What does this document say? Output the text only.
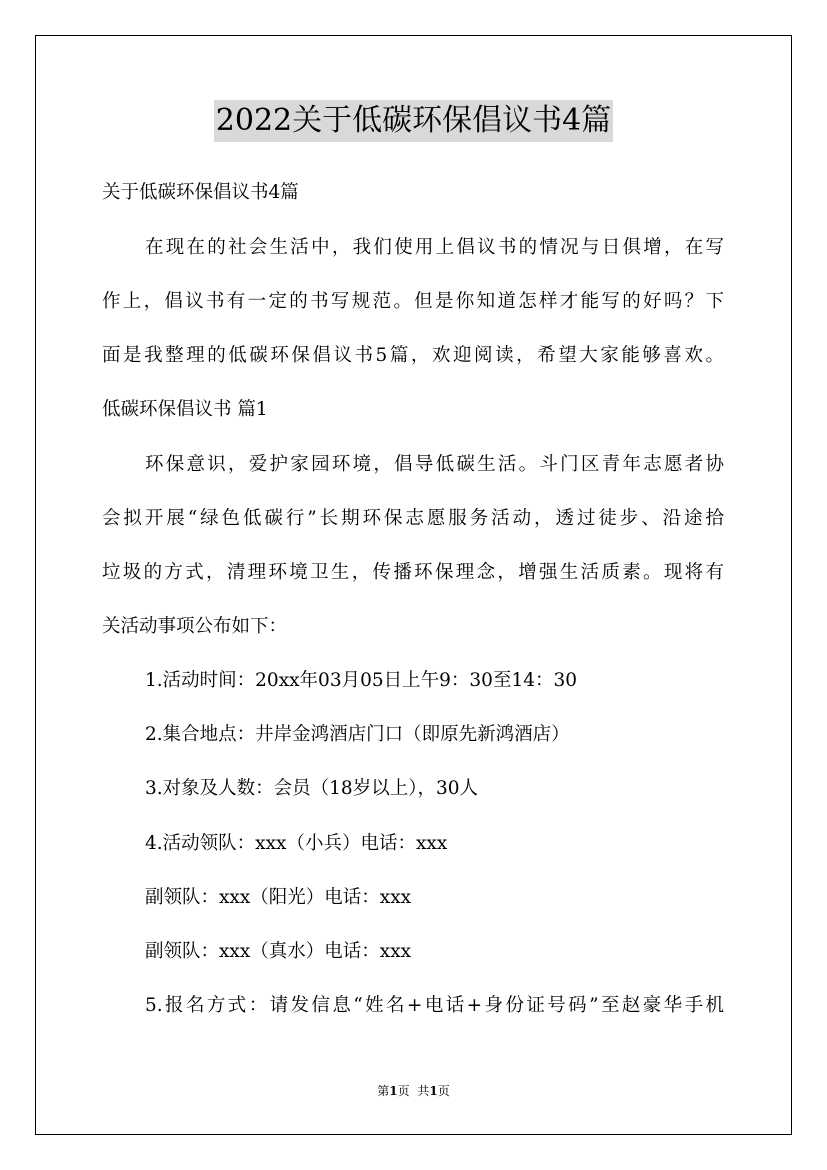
2022关于低碳环保倡议书4篇
关于低碳环保倡议书4篇
在现在的社会生活中，我们使用上倡议书的情况与日俱增，在写
作上，倡议书有一定的书写规范。但是你知道怎样才能写的好吗？下
面是我整理的低碳环保倡议书5篇，欢迎阅读，希望大家能够喜欢。
低碳环保倡议书 篇1
环保意识，爱护家园环境，倡导低碳生活。斗门区青年志愿者协
会拟开展“绿色低碳行”长期环保志愿服务活动，透过徒步、沿途拾
垃圾的方式，清理环境卫生，传播环保理念，增强生活质素。现将有
关活动事项公布如下：
1.活动时间：20xx年03月05日上午9：30至14：30
2.集合地点：井岸金鸿酒店门口（即原先新鸿酒店）
3.对象及人数：会员（18岁以上），30人
4.活动领队：xxx（小兵）电话：xxx
副领队：xxx（阳光）电话：xxx
副领队：xxx（真水）电话：xxx
5.报名方式：请发信息“姓名+电话+身份证号码”至赵豪华手机
第1页 共1页
